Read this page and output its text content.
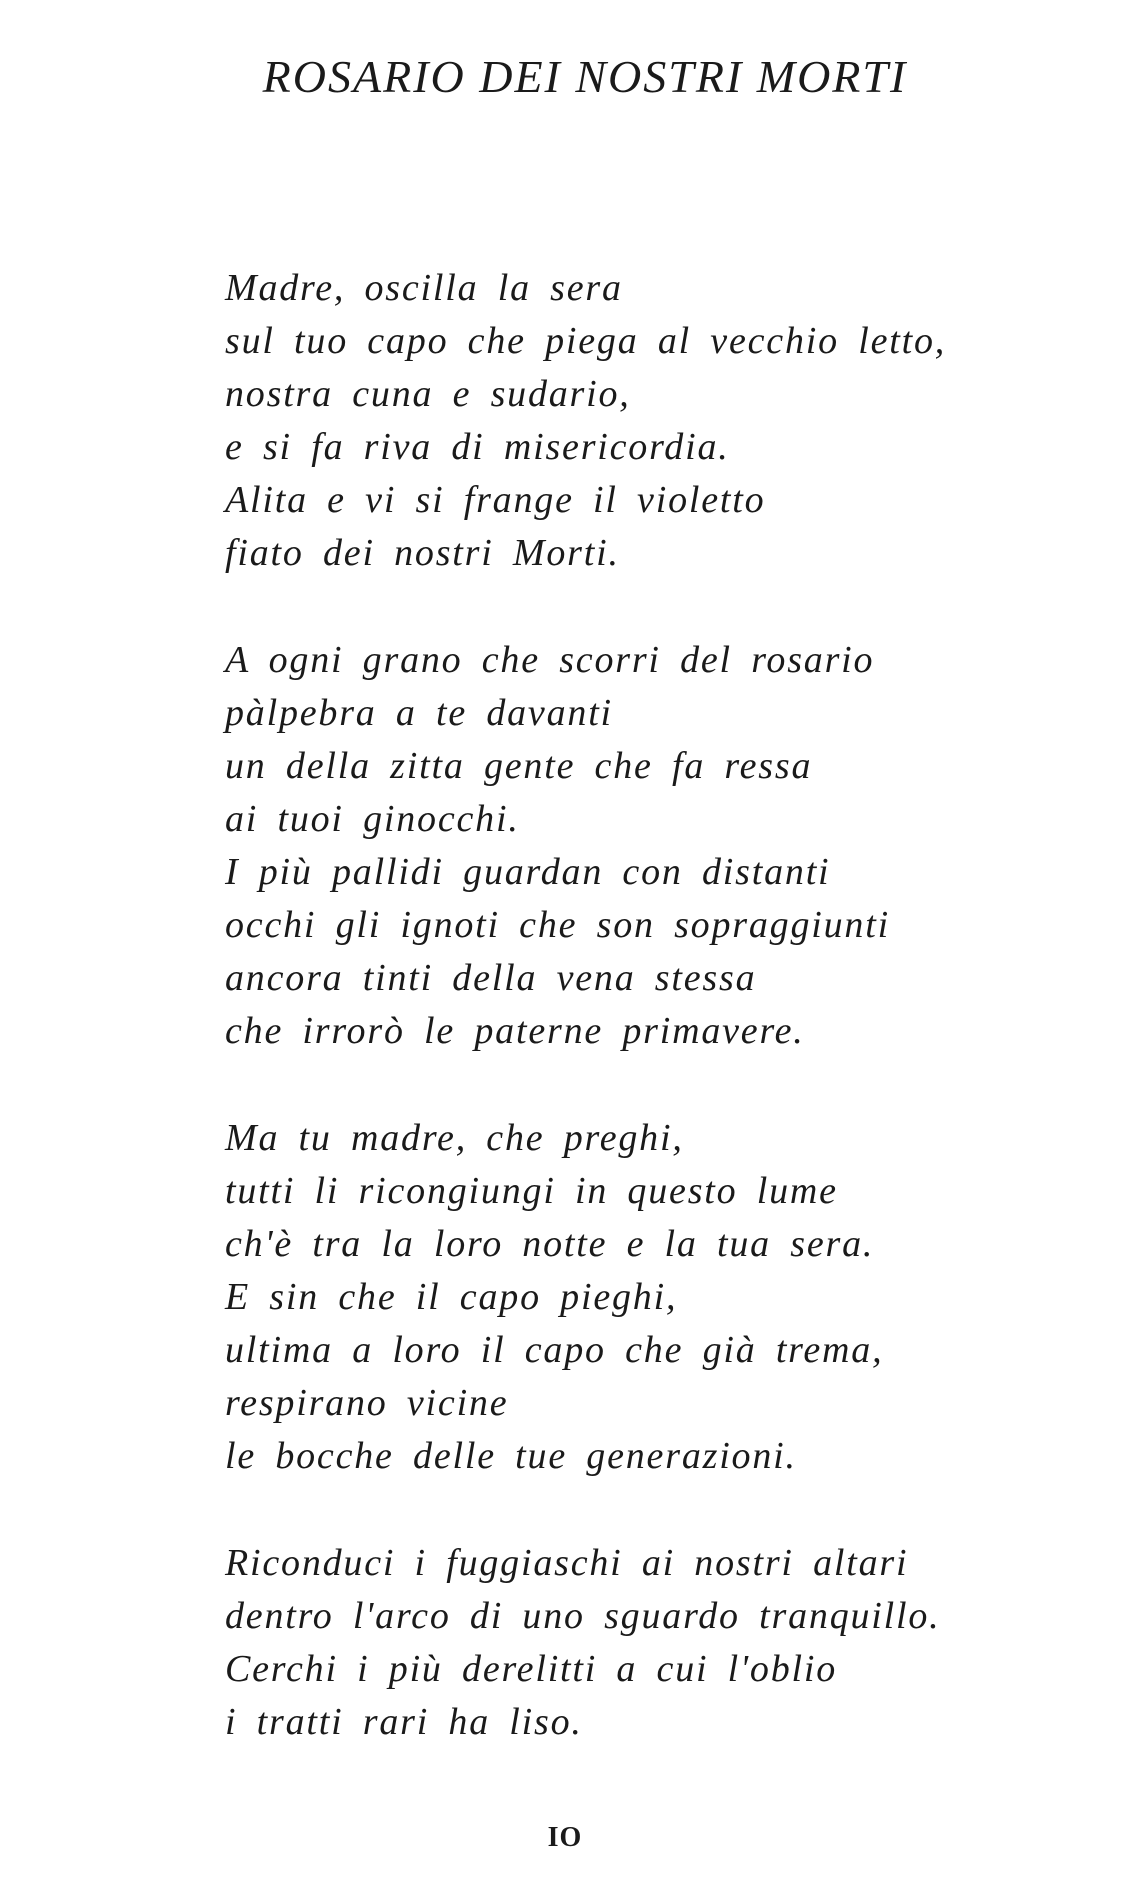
ROSARIO DEI NOSTRI MORTI
Madre, oscilla la sera
sul tuo capo che piega al vecchio letto,
nostra cuna e sudario,
e si fa riva di misericordia.
Alita e vi si frange il violetto
fiato dei nostri Morti.
A ogni grano che scorri del rosario
pàlpebra a te davanti
un della zitta gente che fa ressa
ai tuoi ginocchi.
I più pallidi guardan con distanti
occhi gli ignoti che son sopraggiunti
ancora tinti della vena stessa
che irrorò le paterne primavere.
Ma tu madre, che preghi,
tutti li ricongiungi in questo lume
ch'è tra la loro notte e la tua sera.
E sin che il capo pieghi,
ultima a loro il capo che già trema,
respirano vicine
le bocche delle tue generazioni.
Riconduci i fuggiaschi ai nostri altari
dentro l'arco di uno sguardo tranquillo.
Cerchi i più derelitti a cui l'oblio
i tratti rari ha liso.
IO
